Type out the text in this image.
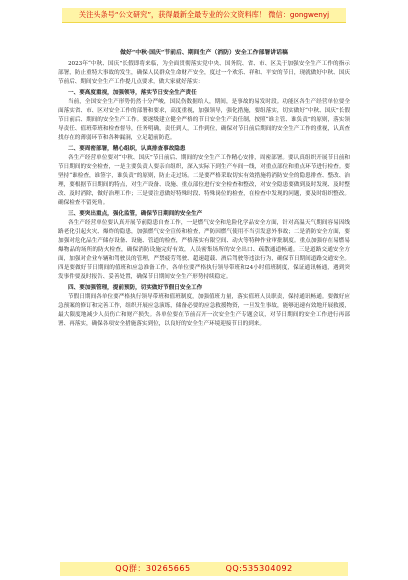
关注头条号“公文研究”，获得最新全最专业的公文资料库！ 微信：gongwenyj
做好“中秋·国庆”节前后、期间生产（消防）安全工作部署讲话稿

2023年“中秋、国庆”长假即将来临，为全面贯彻落实党中央、国务院、省、市、区关于加强安全生产工作的指示部署，防止重特大事故的发生，确保人民群众生命财产安全，度过一个欢乐、祥和、平安的节日，现就做好中秋、国庆节前后、期间安全生产工作提几点要求，做大家就好落实：

一、要高度重视，加强领导，落实节日安全生产责任

当前，全国安全生产形势仍然十分严峻，国民伤数据给人，期间，是事故的易发时段。功能区各生产经营单位要全面落实省、市、区对安全工作的部署和要求，高度重视，加强领导，强化措施，要组落实，切实做好“中秋、国庆”长假节日前后、期间的安全生产工作。要逐级建立健全严格的节日安全生产责任制，按照“谁主管、谁负责”的原则，落实领导责任、值班带班和检查督导，任务明确，责任到人，工作到位，确保对节日前后期间的安全生产工作的重视，认真查找存在的薄弱环节和各种漏洞，立足超前防范。

二、要周密部署，精心组织，认真排查事故隐患

各生产经营单位要对“中秋、国庆”节日前后、期间的安全生产工作精心安排，周密部署。要认真组织开展节日前和节日期间的安全检查，一是主要负责人要亲自组织，深入实际下到生产车间一线，对重点部位和重点环节进行检查。要坚持“谁检查，谁签字，谁负责”的原则，防止走过场。二是要严格采取切实有效措施将消防安全的隐患排查、整改、治理，要根据节日期间的特点，对生产设备、设施、重点部位进行安全检查和整改，对安全隐患要做到及时发现、及时整改、及时消除，做好治理工作；三是要注意做好特殊时段、特殊岗位的检查，在检查中发现的问题，要及时组织整改。确保检查不留死角。

三、要突出重点，强化监管，确保节日期间的安全生产

各生产经营单位要认真开展节前隐患自查工作，一是燃气安全和危险化学品安全方面，针对高温天气期间容易因线路老化引起火灾、爆炸的隐患，加强燃气安全宣传和检查，严防因燃气使用不当引发意外事故；二是消防安全方面，要加强对危化品生产储存设备、设施、管道的检查，严格落实有限空间、动火等特种作业审批制度。重点加强存在易燃易爆物品的场所的防火检查，确保消防设施完好有效，人员密集场所的安全出口、疏散通道畅通。三是道路交通安全方面，加强对企业车辆和驾驶员的管理，严禁疲劳驾驶、超速超载、酒后驾驶等违法行为，确保节日期间道路交通安全。四是要做好节日期间的值班和应急准备工作，各单位要严格执行领导带班和24小时值班制度，保证通讯畅通，遇到突发事件要及时报告、妥善处置，确保节日期间安全生产形势持续稳定。

四、要加强管理，提前预防，切实做好节假日安全工作

节假日期间各单位要严格执行领导带班和值班制度，加强值班力量，落实值班人员职责，保持通讯畅通。要做好应急预案的修订和完善工作，组织开展应急演练，储备必要的应急救援物资，一旦发生事故，能够迅速有效地开展救援，最大限度地减少人员伤亡和财产损失。各单位要在节前召开一次安全生产专题会议，对节日期间的安全工作进行再部署、再落实，确保各项安全措施落实到位，以良好的安全生产环境迎接节日的到来。

QQ群：30265665	QQ:535304092
